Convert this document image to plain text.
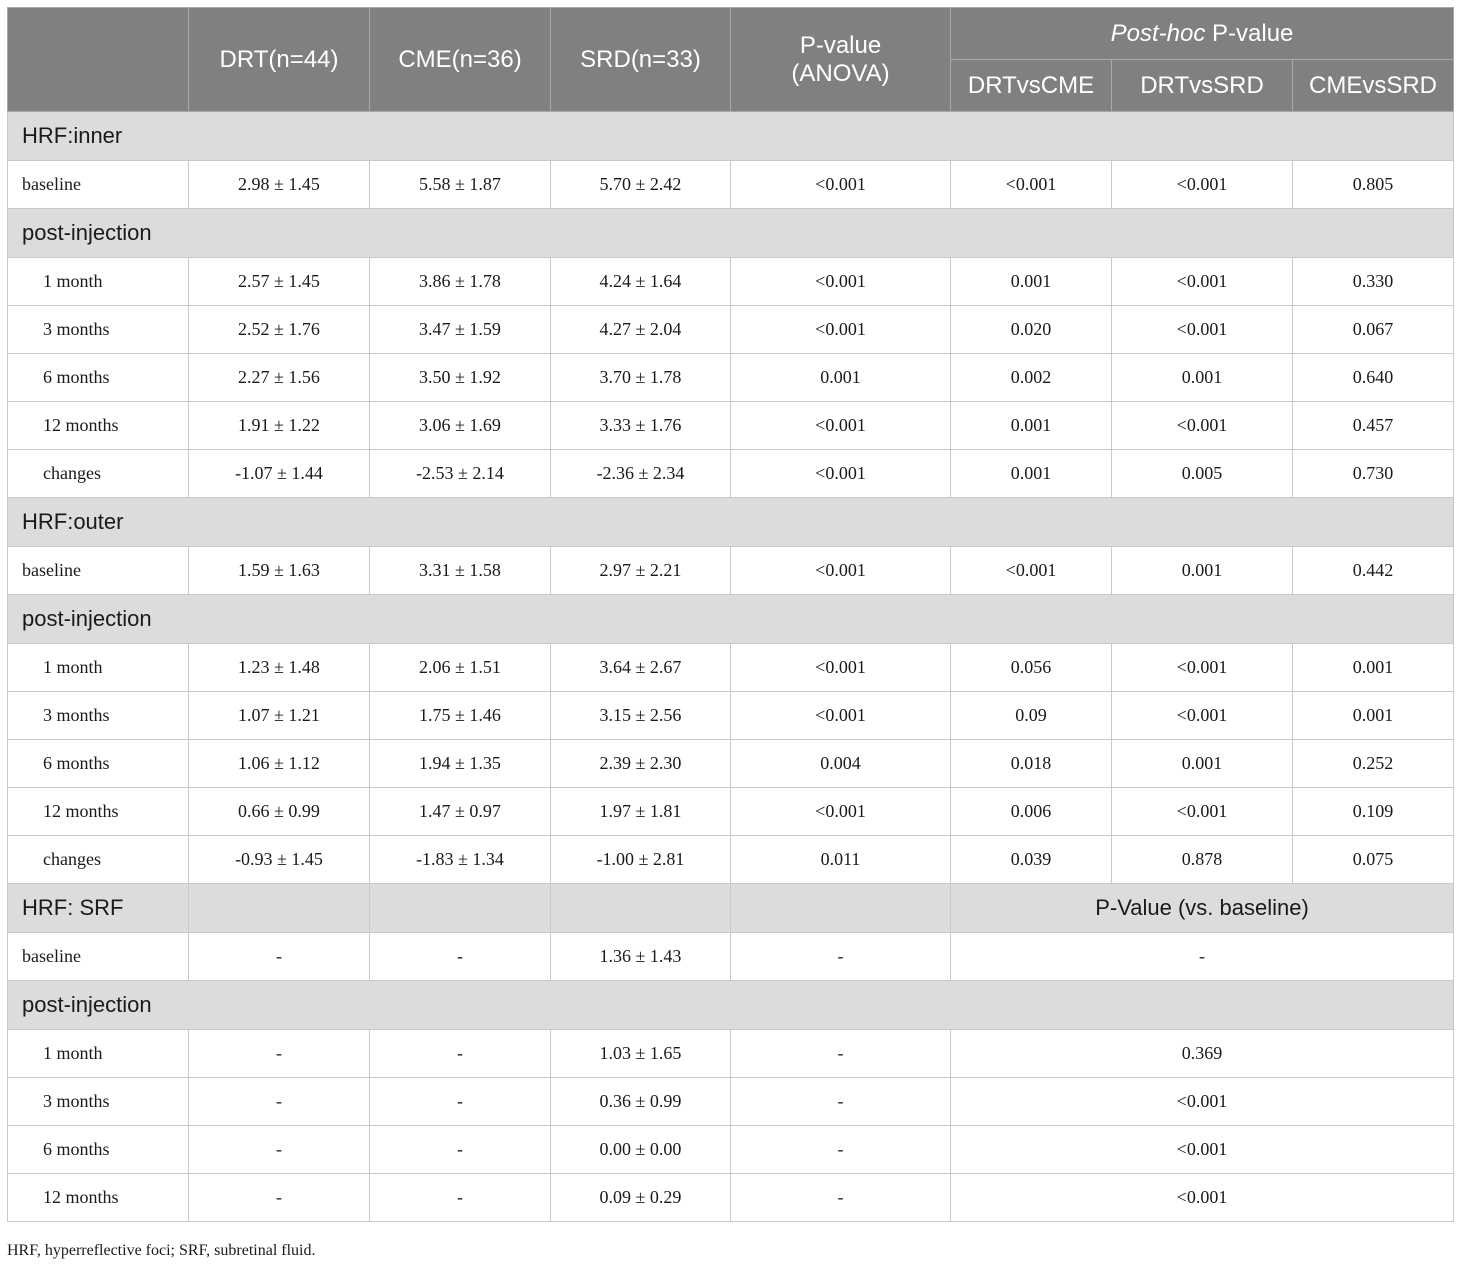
	DRT(n=44)	CME(n=36)	SRD(n=33)	P-value
(ANOVA)	Post-hoc P-value		
					DRTvsCME	DRTvsSRD	CMEvsSRD
HRF:inner							
baseline	2.98 ± 1.45	5.58 ± 1.87	5.70 ± 2.42	<0.001	<0.001	<0.001	0.805
post-injection							
1 month	2.57 ± 1.45	3.86 ± 1.78	4.24 ± 1.64	<0.001	0.001	<0.001	0.330
3 months	2.52 ± 1.76	3.47 ± 1.59	4.27 ± 2.04	<0.001	0.020	<0.001	0.067
6 months	2.27 ± 1.56	3.50 ± 1.92	3.70 ± 1.78	0.001	0.002	0.001	0.640
12 months	1.91 ± 1.22	3.06 ± 1.69	3.33 ± 1.76	<0.001	0.001	<0.001	0.457
changes	-1.07 ± 1.44	-2.53 ± 2.14	-2.36 ± 2.34	<0.001	0.001	0.005	0.730
HRF:outer							
baseline	1.59 ± 1.63	3.31 ± 1.58	2.97 ± 2.21	<0.001	<0.001	0.001	0.442
post-injection							
1 month	1.23 ± 1.48	2.06 ± 1.51	3.64 ± 2.67	<0.001	0.056	<0.001	0.001
3 months	1.07 ± 1.21	1.75 ± 1.46	3.15 ± 2.56	<0.001	0.09	<0.001	0.001
6 months	1.06 ± 1.12	1.94 ± 1.35	2.39 ± 2.30	0.004	0.018	0.001	0.252
12 months	0.66 ± 0.99	1.47 ± 0.97	1.97 ± 1.81	<0.001	0.006	<0.001	0.109
changes	-0.93 ± 1.45	-1.83 ± 1.34	-1.00 ± 2.81	0.011	0.039	0.878	0.075
HRF: SRF					P-Value (vs. baseline)		
baseline	-	-	1.36 ± 1.43	-	-		
post-injection							
1 month	-	-	1.03 ± 1.65	-	0.369		
3 months	-	-	0.36 ± 0.99	-	<0.001		
6 months	-	-	0.00 ± 0.00	-	<0.001		
12 months	-	-	0.09 ± 0.29	-	<0.001		
HRF, hyperreflective foci; SRF, subretinal fluid.
